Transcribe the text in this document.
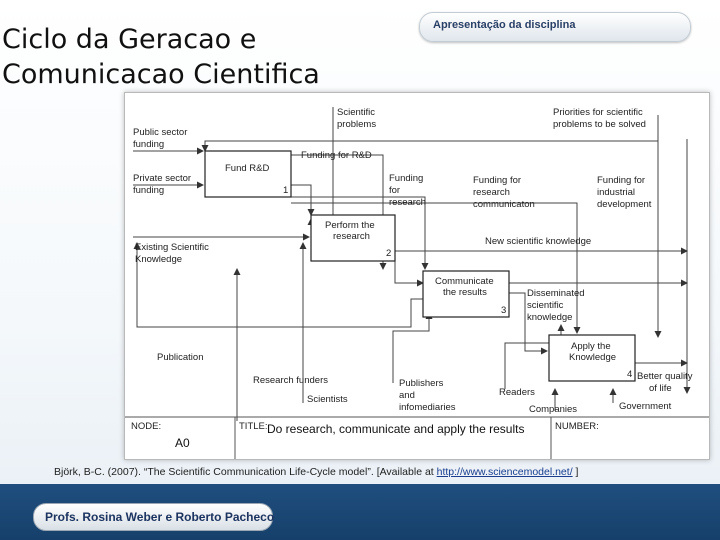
Ciclo da Geracao e
Comunicacao Cientifica
Apresentação da disciplina
Fund R&D
1
Perform the
research
2
Communicate
the results
3
Apply the
Knowledge
4
Scientific
problems
Priorities for scientific
problems to be solved
Public sector
funding
Private sector
funding
Funding for R&D
Funding
for
research
Funding for
research
communicaton
Funding for
industrial
development
Existing Scientific
Knowledge
New scientific knowledge
Disseminated
scientific
knowledge
Publication
Research funders
Scientists
Publishers
and
infomediaries
Readers
Companies
Better quality
of life
Government
NODE:
A0
TITLE: Do research, communicate and apply the results	NUMBER:
Björk, B-C. (2007). “The Scientific Communication Life-Cycle model”. [Available at http://www.sciencemodel.net/ ]
Profs. Rosina Weber e Roberto Pacheco
